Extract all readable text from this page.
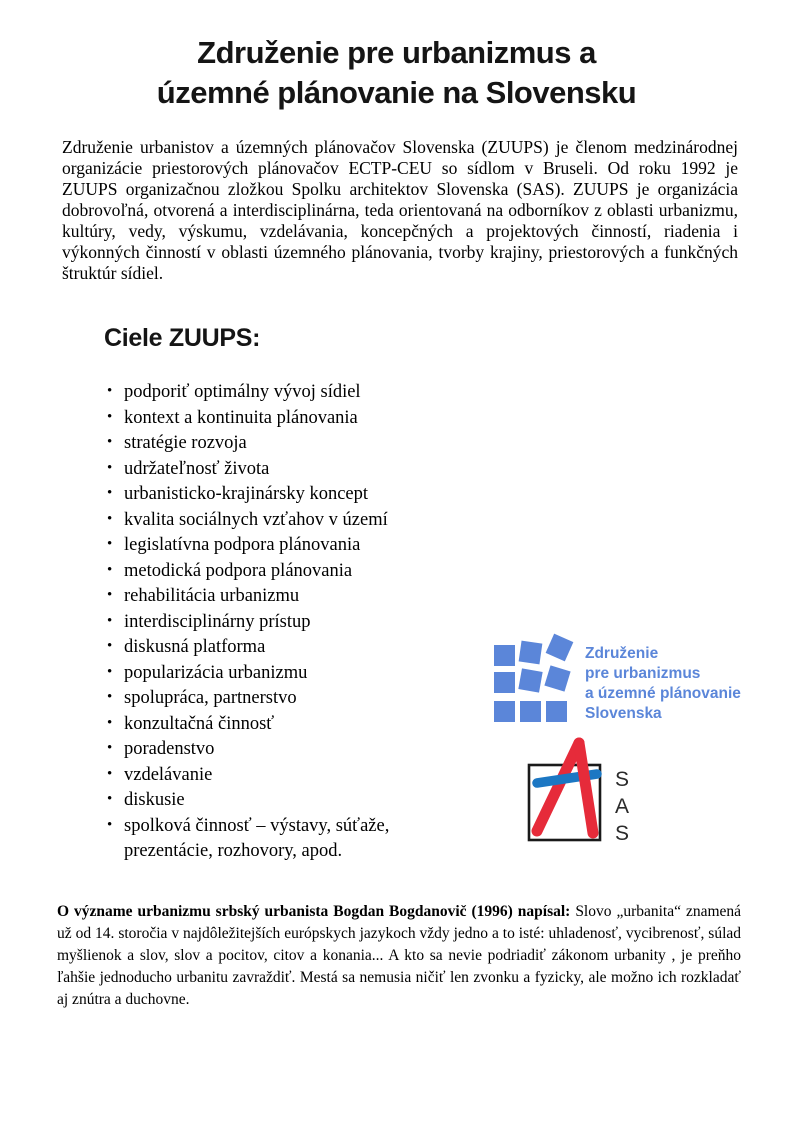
Združenie pre urbanizmus a
územné plánovanie na Slovensku

Združenie urbanistov a územných plánovačov Slovenska (ZUUPS) je členom medzinárodnej organizácie priestorových plánovačov ECTP-CEU so sídlom v Bruseli. Od roku 1992 je ZUUPS organizačnou zložkou Spolku architektov Slovenska (SAS). ZUUPS je organizácia dobrovoľná, otvorená a interdisciplinárna, teda orientovaná na odborníkov z oblasti urbanizmu, kultúry, vedy, výskumu, vzdelávania, koncepčných a projektových činností, riadenia i výkonných činností v oblasti územného plánovania, tvorby krajiny, priestorových a funkčných štruktúr sídiel.

Ciele ZUUPS:
• podporiť optimálny vývoj sídiel
• kontext a kontinuita plánovania
• stratégie rozvoja
• udržateľnosť života
• urbanisticko-krajinársky koncept
• kvalita sociálnych vzťahov v území
• legislatívna podpora plánovania
• metodická podpora plánovania
• rehabilitácia urbanizmu
• interdisciplinárny prístup
• diskusná platforma
• popularizácia urbanizmu
• spolupráca, partnerstvo
• konzultačná činnosť
• poradenstvo
• vzdelávanie
• diskusie
• spolková činnosť – výstavy, súťaže, prezentácie, rozhovory, apod.
Združenie
pre urbanizmus
a územné plánovanie
Slovenska
S
A
S

O význame urbanizmu srbský urbanista Bogdan Bogdanovič (1996) napísal: Slovo „urbanita“ znamená už od 14. storočia v najdôležitejších európskych jazykoch vždy jedno a to isté: uhladenosť, vycibrenosť, súlad myšlienok a slov, slov a pocitov, citov a konania... A kto sa nevie podriadiť zákonom urbanity , je preňho ľahšie jednoducho urbanitu zavraždiť. Mestá sa nemusia ničiť len zvonku a fyzicky, ale možno ich rozkladať aj znútra a duchovne.
